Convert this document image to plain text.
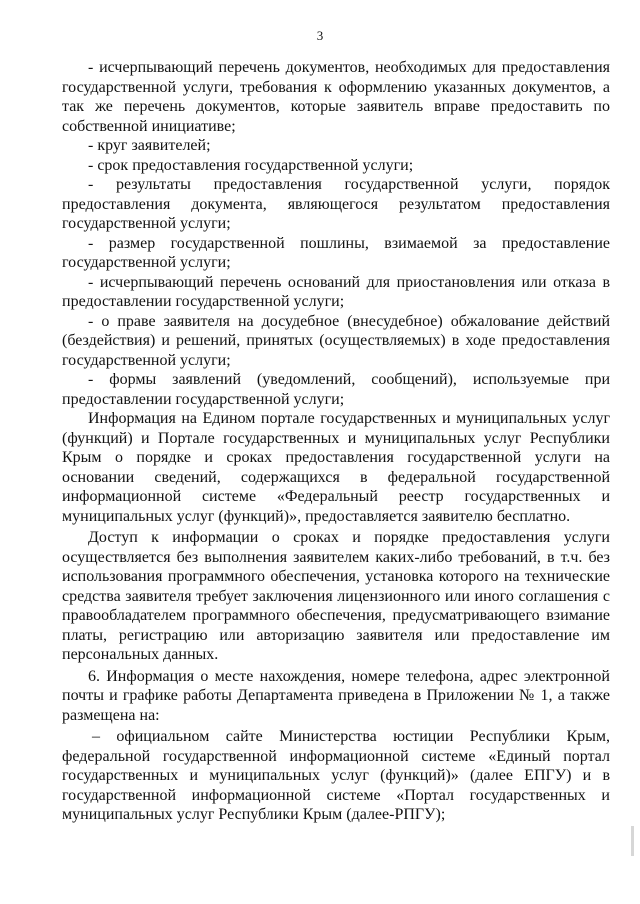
3

- исчерпывающий перечень документов, необходимых для предоставления государственной услуги, требования к оформлению указанных документов, а так же перечень документов, которые заявитель вправе предоставить по собственной инициативе;

- круг заявителей;

- срок предоставления государственной услуги;

- результаты предоставления государственной услуги, порядок предоставления документа, являющегося результатом предоставления государственной услуги;

- размер государственной пошлины, взимаемой за предоставление государственной услуги;

- исчерпывающий перечень оснований для приостановления или отказа в предоставлении государственной услуги;

- о праве заявителя на досудебное (внесудебное) обжалование действий (бездействия) и решений, принятых (осуществляемых) в ходе предоставления государственной услуги;

- формы заявлений (уведомлений, сообщений), используемые при предоставлении государственной услуги;

Информация на Едином портале государственных и муниципальных услуг (функций) и Портале государственных и муниципальных услуг Республики Крым о порядке и сроках предоставления государственной услуги на основании сведений, содержащихся в федеральной государственной информационной системе «Федеральный реестр государственных и муниципальных услуг (функций)», предоставляется заявителю бесплатно.

Доступ к информации о сроках и порядке предоставления услуги осуществляется без выполнения заявителем каких-либо требований, в т.ч. без использования программного обеспечения, установка которого на технические средства заявителя требует заключения лицензионного или иного соглашения с правообладателем программного обеспечения, предусматривающего взимание платы, регистрацию или авторизацию заявителя или предоставление им персональных данных.

6. Информация о месте нахождения, номере телефона, адрес электронной почты и графике работы Департамента приведена в Приложении № 1, а также размещена на:

– официальном сайте Министерства юстиции Республики Крым, федеральной государственной информационной системе «Единый портал государственных и муниципальных услуг (функций)» (далее ЕПГУ) и в государственной информационной системе «Портал государственных и муниципальных услуг Республики Крым (далее-РПГУ);
